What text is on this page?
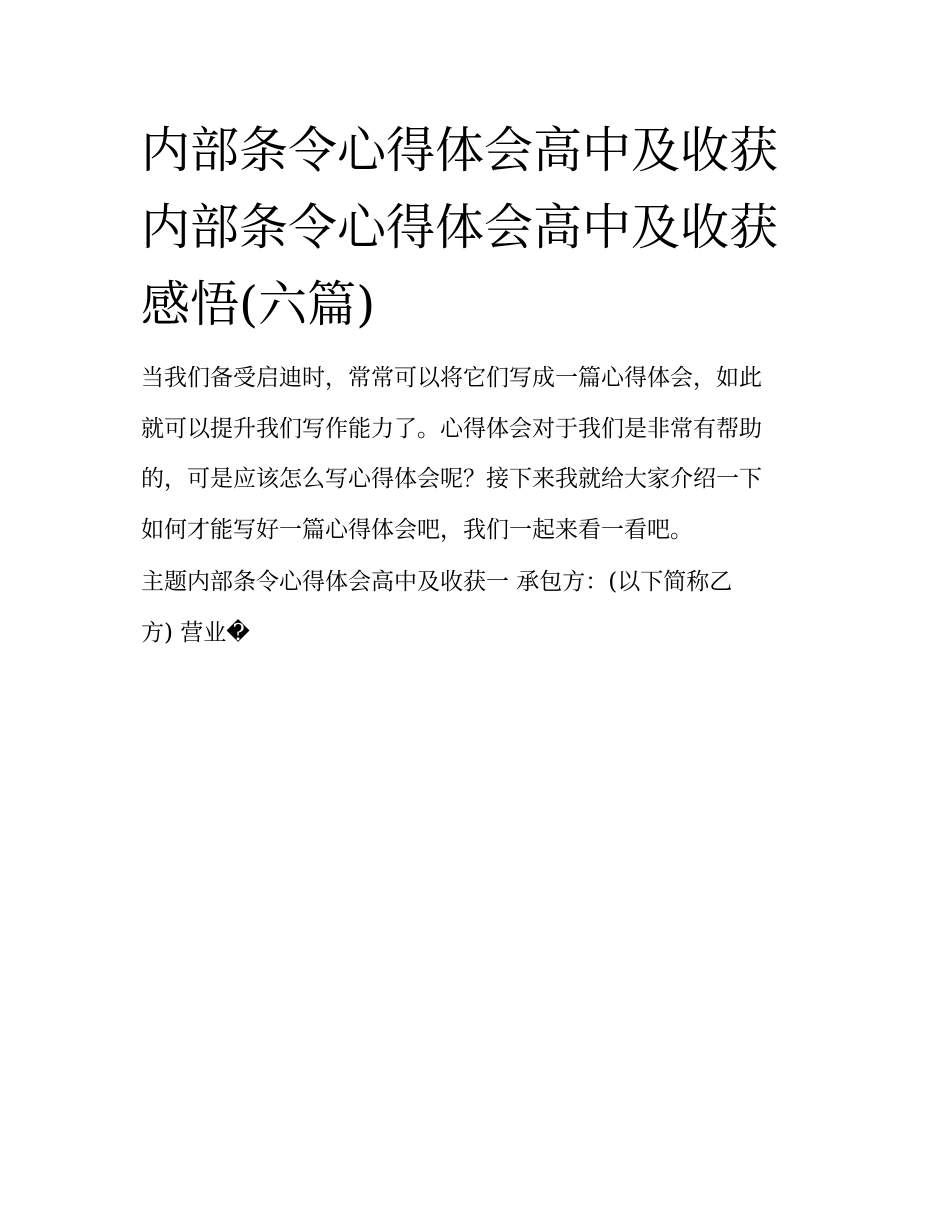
内部条令心得体会高中及收获
内部条令心得体会高中及收获
感悟(六篇)
当我们备受启迪时，常常可以将它们写成一篇心得体会，如此
就可以提升我们写作能力了。心得体会对于我们是非常有帮助
的，可是应该怎么写心得体会呢？接下来我就给大家介绍一下
如何才能写好一篇心得体会吧，我们一起来看一看吧。
主题内部条令心得体会高中及收获一 承包方：(以下简称乙
方) 营业�
